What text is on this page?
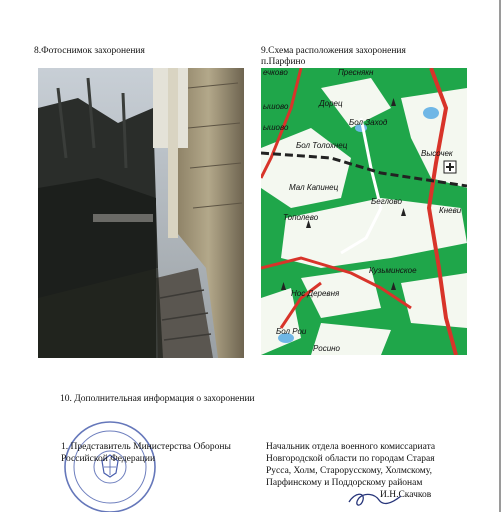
8.Фотоснимок захоронения	9.Схема расположения захоронения
п.Парфино
ечково	Преснякн
ышово	Дорец
ышово
Бол Заход
Бол Толохнец
Высочек
Мал Капинец
Беглово
Кневи
Тополево
Кузьминское
Нос Деревня
Бол Рои
Росино
10. Дополнительная информация о захоронении
1. Представитель Министерства Обороны
Российской Федерации
Начальник отдела военного комиссариата
Новгородской области по городам Старая
Русса, Холм, Старорусскому, Холмскому,
Парфинскому и Поддорскому районам
И.Н.Скачков
